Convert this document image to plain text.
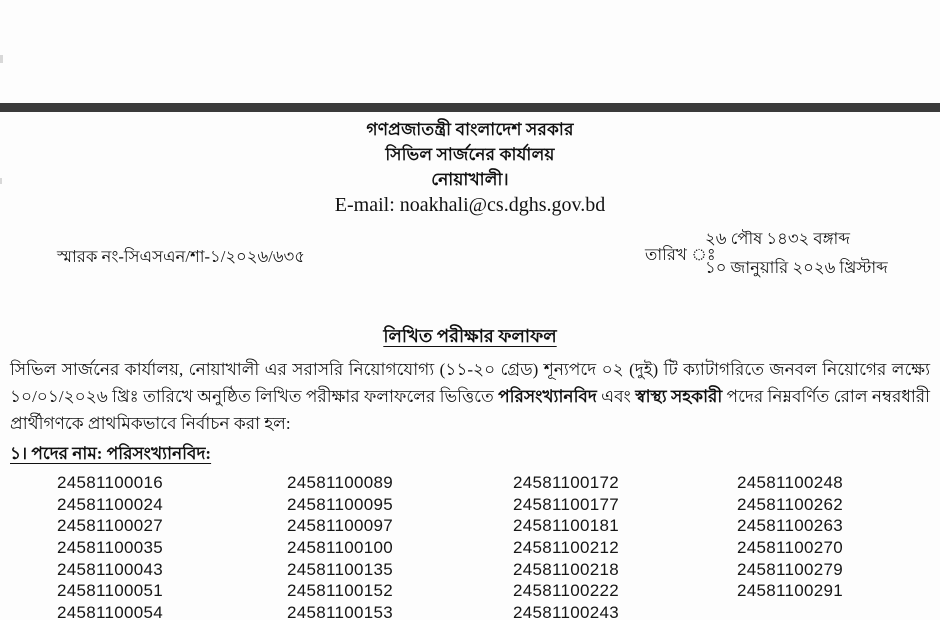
গণপ্রজাতন্ত্রী বাংলাদেশ সরকার
সিভিল সার্জনের কার্যালয়
নোয়াখালী।
E-mail: noakhali@cs.dghs.gov.bd
স্মারক নং-সিএসএন/শা-১/২০২৬/৬৩৫	তারিখ ঃ
২৬ পৌষ ১৪৩২ বঙ্গাব্দ
১০ জানুয়ারি ২০২৬ খ্রিস্টাব্দ
লিখিত পরীক্ষার ফলাফল
সিভিল সার্জনের কার্যালয়, নোয়াখালী এর সরাসরি নিয়োগযোগ্য (১১-২০ গ্রেড) শূন্যপদে ০২ (দুই) টি ক্যাটাগরিতে জনবল নিয়োগের লক্ষ্যে ১০/০১/২০২৬ খ্রিঃ তারিখে অনুষ্ঠিত লিখিত পরীক্ষার ফলাফলের ভিত্তিতে পরিসংখ্যানবিদ এবং স্বাস্থ্য সহকারী পদের নিম্নবর্ণিত রোল নম্বরধারী প্রার্থীগণকে প্রাথমিকভাবে নির্বাচন করা হল:
১। পদের নাম: পরিসংখ্যানবিদ:
24581100016	24581100089	24581100172	24581100248
24581100024	24581100095	24581100177	24581100262
24581100027	24581100097	24581100181	24581100263
24581100035	24581100100	24581100212	24581100270
24581100043	24581100135	24581100218	24581100279
24581100051	24581100152	24581100222	24581100291
24581100054	24581100153	24581100243
